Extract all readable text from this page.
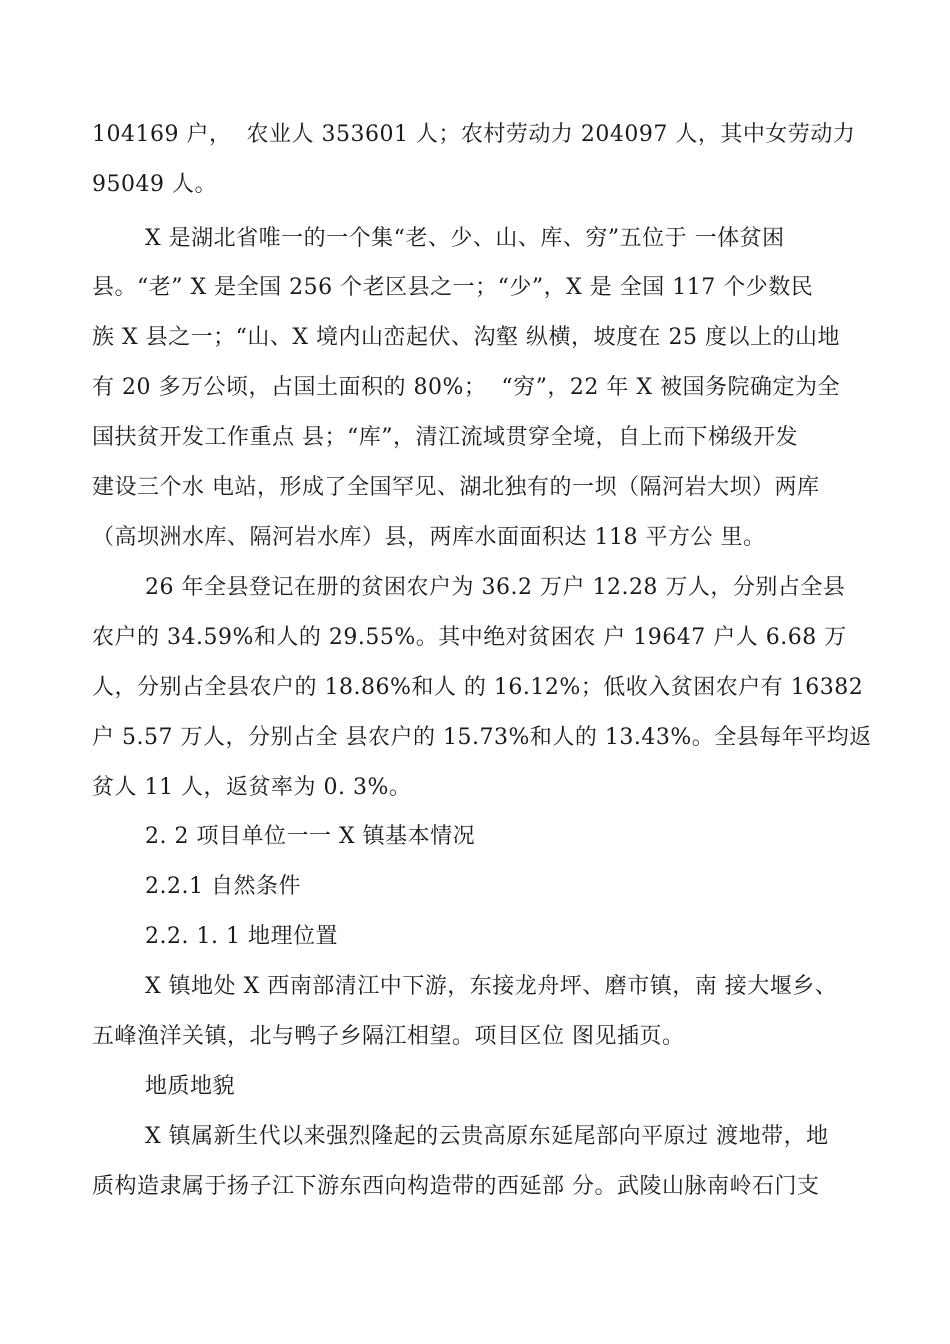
104169 户，  农业人 353601 人；农村劳动力 204097 人，其中女劳动力
95049 人。
X 是湖北省唯一的一个集“老、少、山、库、穷”五位于 一体贫困
县。“老” X 是全国 256 个老区县之一；“少”，X 是 全国 117 个少数民
族 X 县之一；“山、X 境内山峦起伏、沟壑 纵横，坡度在 25 度以上的山地
有 20 多万公顷，占国土面积的 80%；  “穷”，22 年 X 被国务院确定为全
国扶贫开发工作重点 县；“库”，清江流域贯穿全境，自上而下梯级开发
建设三个水 电站，形成了全国罕见、湖北独有的一坝（隔河岩大坝）两库
（高坝洲水库、隔河岩水库）县，两库水面面积达 118 平方公 里。
26 年全县登记在册的贫困农户为 36.2 万户 12.28 万人，分别占全县
农户的 34.59%和人的 29.55%。其中绝对贫困农 户 19647 户人 6.68 万
人，分别占全县农户的 18.86%和人 的 16.12%；低收入贫困农户有 16382
户 5.57 万人，分别占全 县农户的 15.73%和人的 13.43%。全县每年平均返
贫人 11 人，返贫率为 0. 3%。
2. 2 项目单位一一 X 镇基本情况
2.2.1 自然条件
2.2. 1. 1 地理位置
X 镇地处 X 西南部清江中下游，东接龙舟坪、磨市镇，南 接大堰乡、
五峰渔洋关镇，北与鸭子乡隔江相望。项目区位 图见插页。
地质地貌
X 镇属新生代以来强烈隆起的云贵高原东延尾部向平原过 渡地带，地
质构造隶属于扬子江下游东西向构造带的西延部 分。武陵山脉南岭石门支
